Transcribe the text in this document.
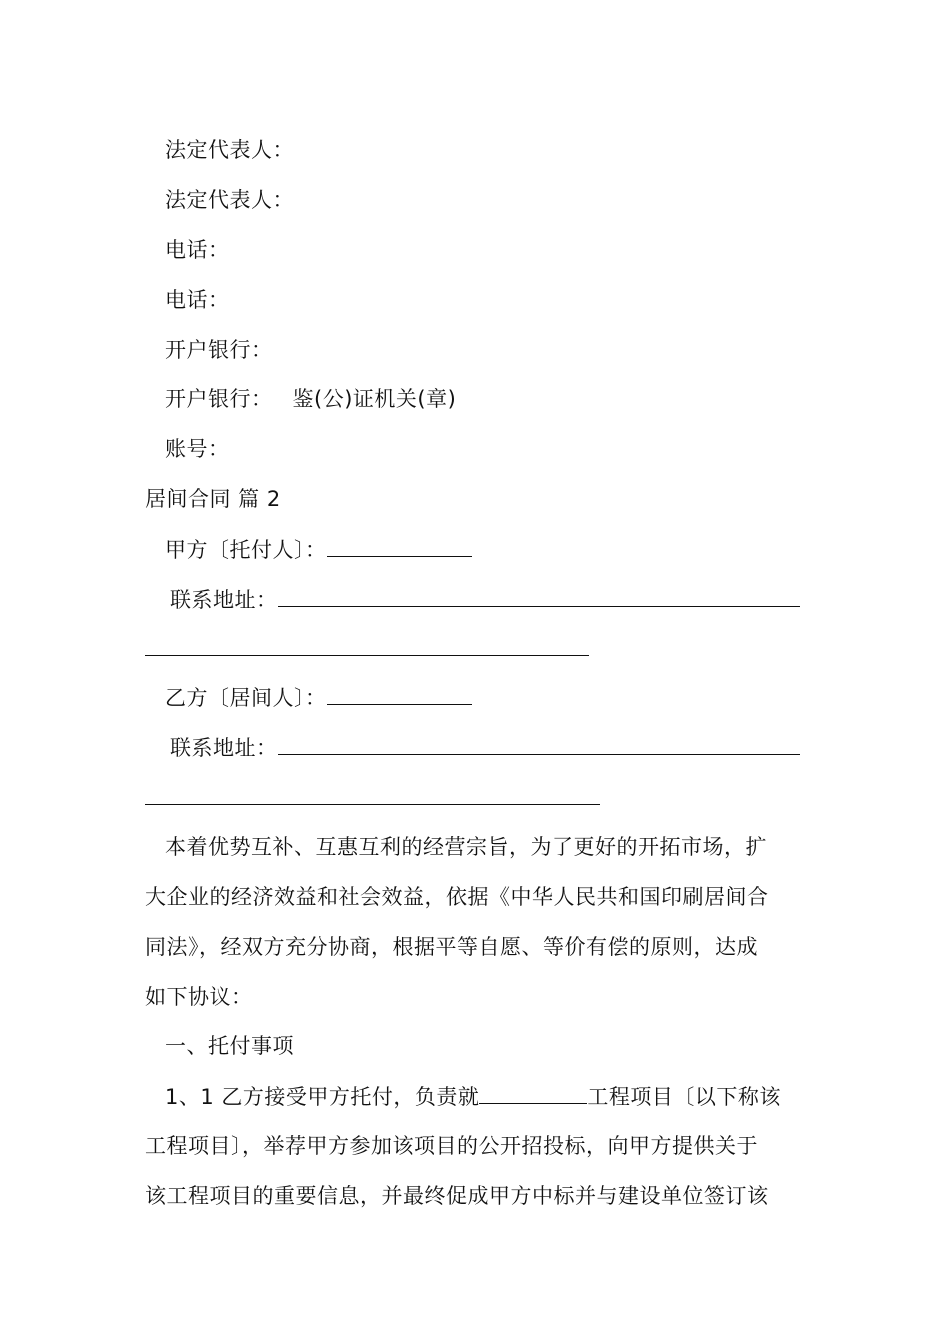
法定代表人：
法定代表人：
电话：
电话：
开户银行：
开户银行： 鉴(公)证机关(章)
账号：
居间合同 篇 2
甲方〔托付人〕：
联系地址：
乙方〔居间人〕：
联系地址：
本着优势互补、互惠互利的经营宗旨，为了更好的开拓市场，扩
大企业的经济效益和社会效益，依据《中华人民共和国印刷居间合
同法》，经双方充分协商，根据平等自愿、等价有偿的原则，达成
如下协议：
一、托付事项
1、1 乙方接受甲方托付，负责就	工程项目〔以下称该
工程项目〕，举荐甲方参加该项目的公开招投标，向甲方提供关于
该工程项目的重要信息，并最终促成甲方中标并与建设单位签订该
